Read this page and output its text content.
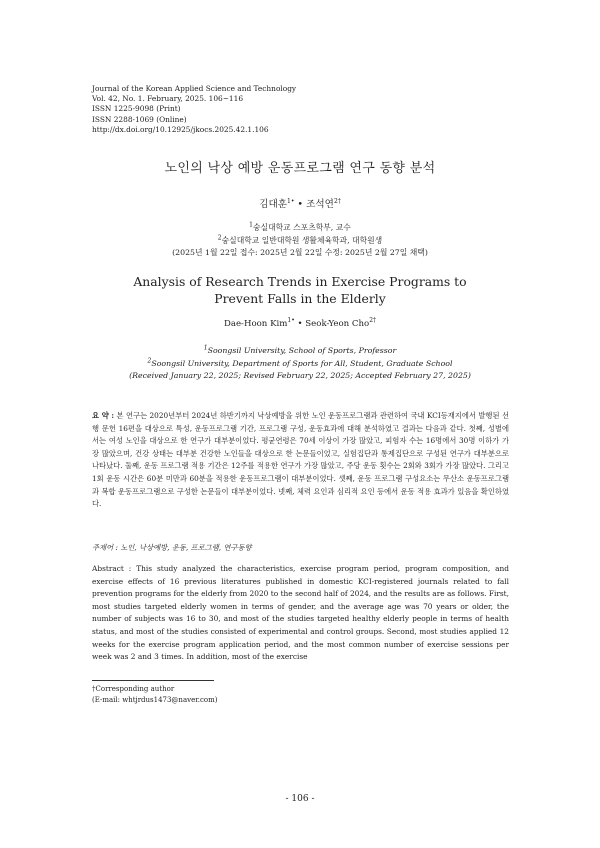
Journal of the Korean Applied Science and Technology
Vol. 42, No. 1. February, 2025. 106~116
ISSN 1225-9098 (Print)
ISSN 2288-1069 (Online)
http://dx.doi.org/10.12925/jkocs.2025.42.1.106
노인의 낙상 예방 운동프로그램 연구 동향 분석
김대훈$^{1•}$ • 조석연$^{2\dagger}$
$^1$숭실대학교 스포츠학부, 교수
$^2$숭실대학교 일반대학원 생활체육학과, 대학원생
(2025년 1월 22일 접수: 2025년 2월 22일 수정: 2025년 2월 27일 채택)
Analysis of Research Trends in Exercise Programs to
Prevent Falls in the Elderly
Dae-Hoon Kim$^{1•}$ • Seok-Yeon Cho$^{2\dagger}$
$^1$Soongsil University, School of Sports, Professor
$^2$Soongsil University, Department of Sports for All, Student, Graduate School
(Received January 22, 2025; Revised February 22, 2025; Accepted February 27, 2025)
요 약 : 본 연구는 2020년부터 2024년 하반기까지 낙상예방을 위한 노인 운동프로그램과 관련하여 국내 KCI등재지에서 발행된 선행 문헌 16편을 대상으로 특성, 운동프로그램 기간, 프로그램 구성, 운동효과에 대해 분석하였고 결과는 다음과 같다. 첫째, 성별에서는 여성 노인을 대상으로 한 연구가 대부분이었다. 평균연령은 70세 이상이 가장 많았고, 피험자 수는 16명에서 30명 이하가 가장 많았으며, 건강 상태는 대부분 건강한 노인들을 대상으로 한 논문들이었고, 실험집단과 통제집단으로 구성된 연구가 대부분으로 나타났다. 둘째, 운동 프로그램 적용 기간은 12주를 적용한 연구가 가장 많았고, 주당 운동 횟수는 2회와 3회가 가장 많았다. 그리고 1회 운동 시간은 60분 미만과 60분을 적용한 운동프로그램이 대부분이었다. 셋째, 운동 프로그램 구성요소는 무산소 운동프로그램과 복합 운동프로그램으로 구성한 논문들이 대부분이었다. 넷째, 체력 요인과 심리적 요인 등에서 운동 적용 효과가 있음을 확인하였다.
주제어 : 노인, 낙상예방, 운동, 프로그램, 연구동향
Abstract : This study analyzed the characteristics, exercise program period, program composition, and exercise effects of 16 previous literatures published in domestic KCI-registered journals related to fall prevention programs for the elderly from 2020 to the second half of 2024, and the results are as follows. First, most studies targeted elderly women in terms of gender, and the average age was 70 years or older, the number of subjects was 16 to 30, and most of the studies targeted healthy elderly people in terms of health status, and most of the studies consisted of experimental and control groups. Second, most studies applied 12 weeks for the exercise program application period, and the most common number of exercise sessions per week was 2 and 3 times. In addition, most of the exercise
†Corresponding author
(E-mail: whtjrdus1473@naver.com)
- 106 -
